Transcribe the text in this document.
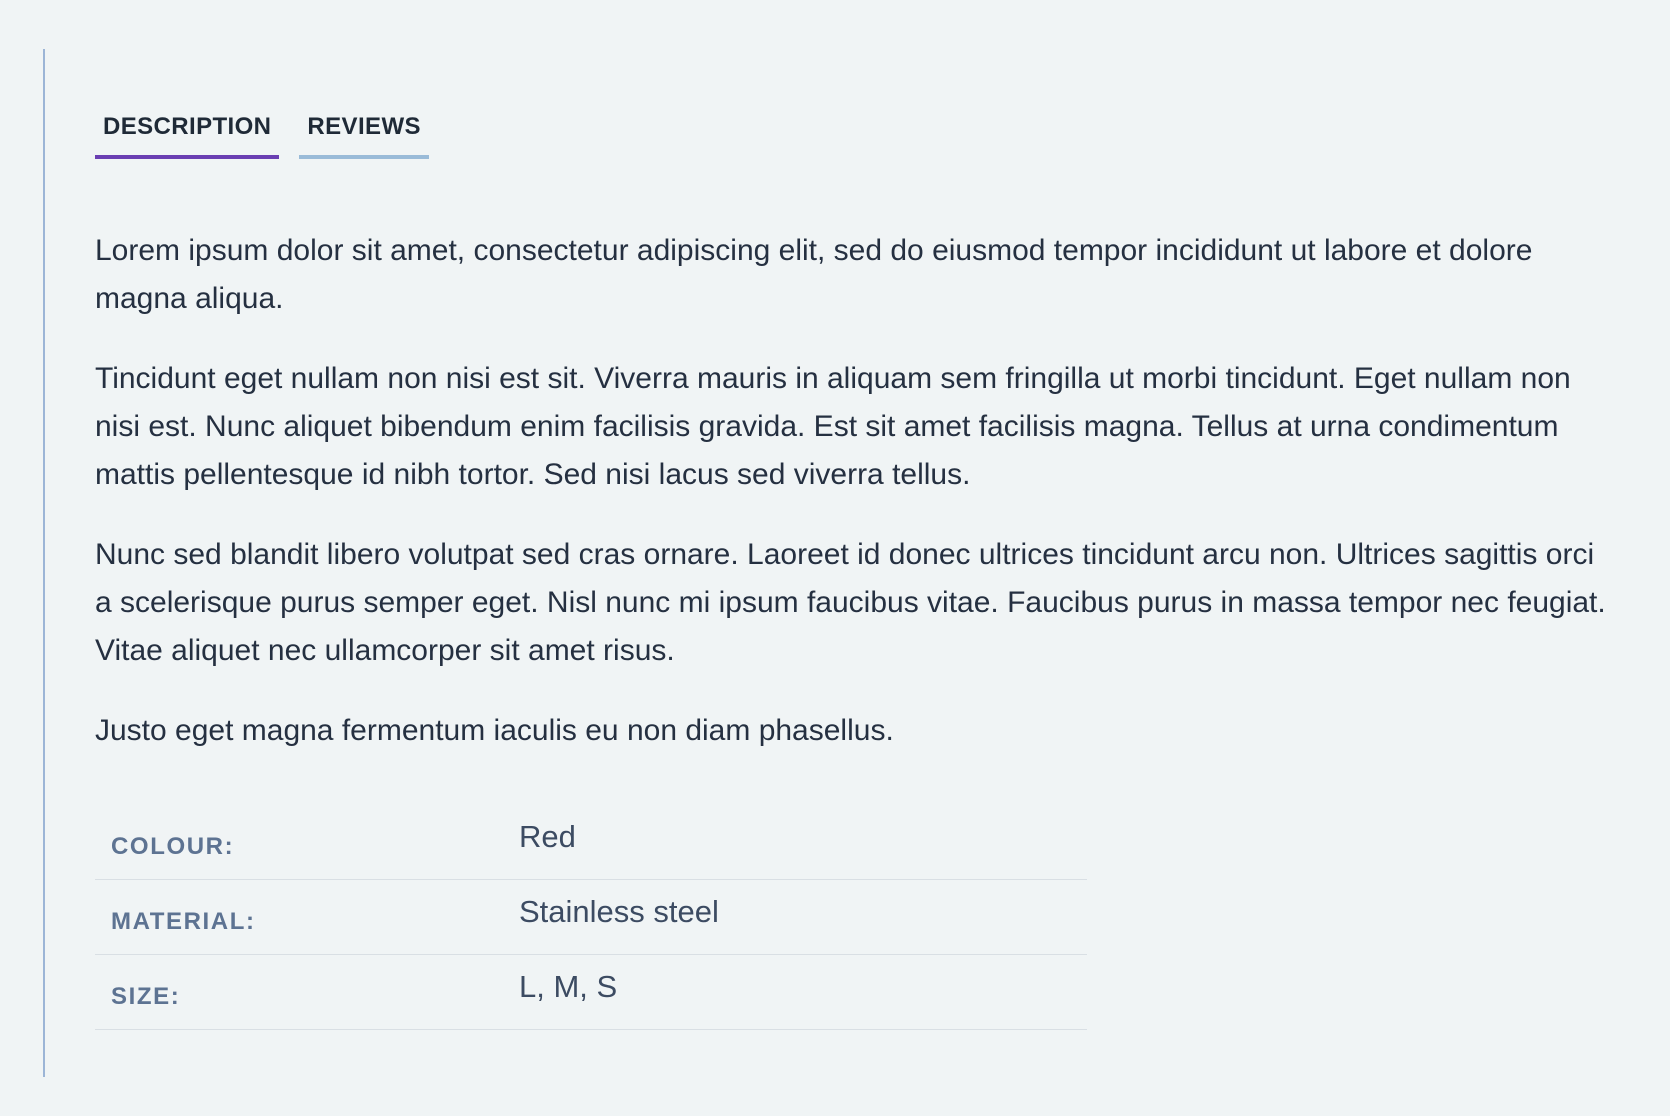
DESCRIPTION	REVIEWS

Lorem ipsum dolor sit amet, consectetur adipiscing elit, sed do eiusmod tempor incididunt ut labore et dolore magna aliqua.

Tincidunt eget nullam non nisi est sit. Viverra mauris in aliquam sem fringilla ut morbi tincidunt. Eget nullam non nisi est. Nunc aliquet bibendum enim facilisis gravida. Est sit amet facilisis magna. Tellus at urna condimentum mattis pellentesque id nibh tortor. Sed nisi lacus sed viverra tellus.

Nunc sed blandit libero volutpat sed cras ornare. Laoreet id donec ultrices tincidunt arcu non. Ultrices sagittis orci a scelerisque purus semper eget. Nisl nunc mi ipsum faucibus vitae. Faucibus purus in massa tempor nec feugiat. Vitae aliquet nec ullamcorper sit amet risus.

Justo eget magna fermentum iaculis eu non diam phasellus.

COLOUR:	Red
MATERIAL:	Stainless steel
SIZE:	L, M, S
